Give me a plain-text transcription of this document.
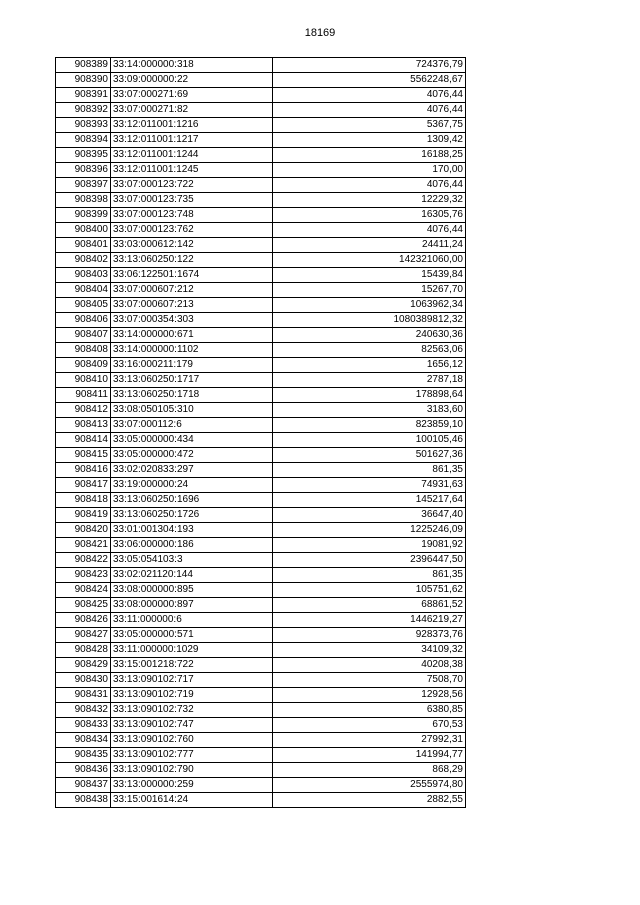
18169
908389	33:14:000000:318	724376,79
908390	33:09:000000:22	5562248,67
908391	33:07:000271:69	4076,44
908392	33:07:000271:82	4076,44
908393	33:12:011001:1216	5367,75
908394	33:12:011001:1217	1309,42
908395	33:12:011001:1244	16188,25
908396	33:12:011001:1245	170,00
908397	33:07:000123:722	4076,44
908398	33:07:000123:735	12229,32
908399	33:07:000123:748	16305,76
908400	33:07:000123:762	4076,44
908401	33:03:000612:142	24411,24
908402	33:13:060250:122	142321060,00
908403	33:06:122501:1674	15439,84
908404	33:07:000607:212	15267,70
908405	33:07:000607:213	1063962,34
908406	33:07:000354:303	1080389812,32
908407	33:14:000000:671	240630,36
908408	33:14:000000:1102	82563,06
908409	33:16:000211:179	1656,12
908410	33:13:060250:1717	2787,18
908411	33:13:060250:1718	178898,64
908412	33:08:050105:310	3183,60
908413	33:07:000112:6	823859,10
908414	33:05:000000:434	100105,46
908415	33:05:000000:472	501627,36
908416	33:02:020833:297	861,35
908417	33:19:000000:24	74931,63
908418	33:13:060250:1696	145217,64
908419	33:13:060250:1726	36647,40
908420	33:01:001304:193	1225246,09
908421	33:06:000000:186	19081,92
908422	33:05:054103:3	2396447,50
908423	33:02:021120:144	861,35
908424	33:08:000000:895	105751,62
908425	33:08:000000:897	68861,52
908426	33:11:000000:6	1446219,27
908427	33:05:000000:571	928373,76
908428	33:11:000000:1029	34109,32
908429	33:15:001218:722	40208,38
908430	33:13:090102:717	7508,70
908431	33:13:090102:719	12928,56
908432	33:13:090102:732	6380,85
908433	33:13:090102:747	670,53
908434	33:13:090102:760	27992,31
908435	33:13:090102:777	141994,77
908436	33:13:090102:790	868,29
908437	33:13:000000:259	2555974,80
908438	33:15:001614:24	2882,55
